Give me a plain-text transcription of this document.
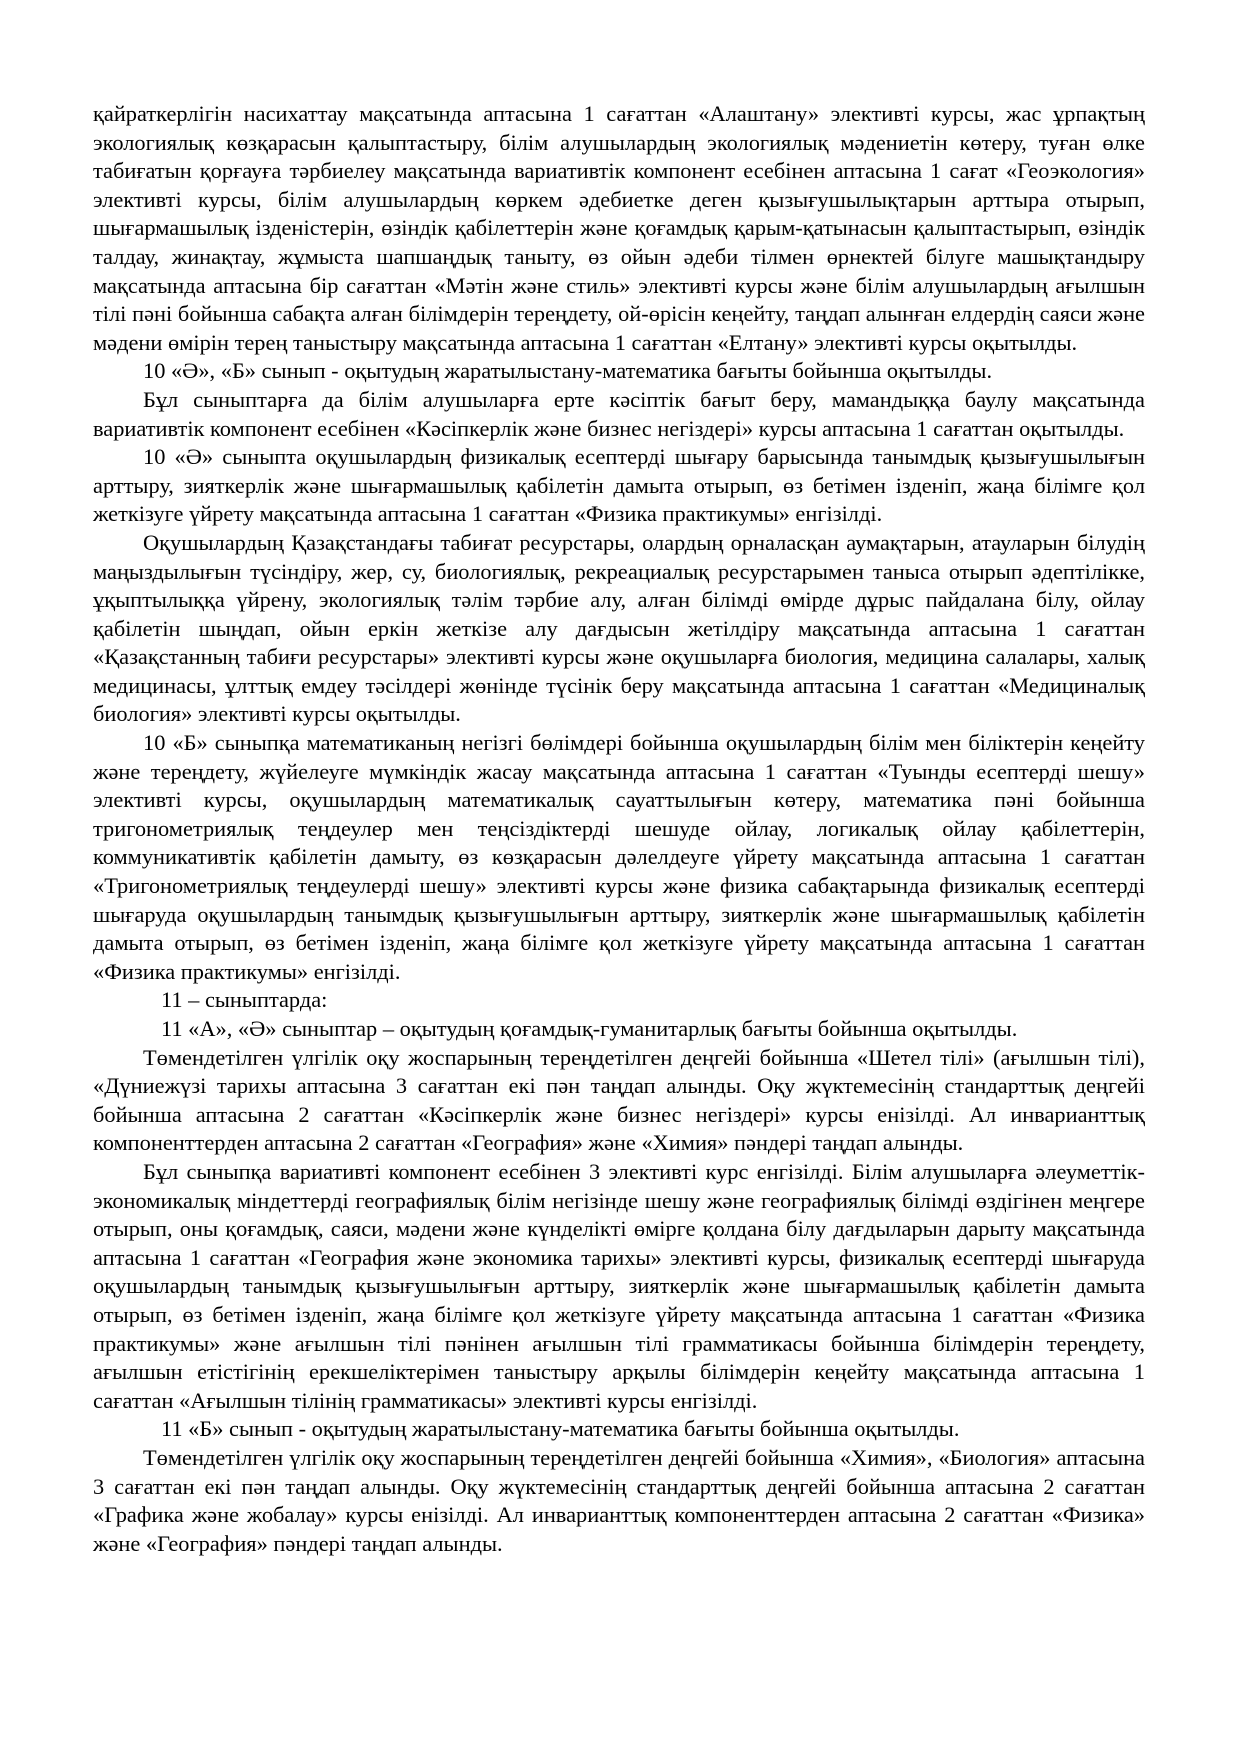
қайраткерлігін насихаттау мақсатында аптасына 1 сағаттан «Алаштану» элективті курсы, жас ұрпақтың экологиялық көзқарасын қалыптастыру, білім алушылардың экологиялық мәдениетін көтеру, туған өлке табиғатын қорғауға тәрбиелеу мақсатында вариативтік компонент есебінен аптасына 1 сағат «Геоэкология» элективті курсы, білім алушылардың көркем әдебиетке деген қызығушылықтарын арттыра отырып, шығармашылық ізденістерін, өзіндік қабілеттерін және қоғамдық қарым-қатынасын қалыптастырып, өзіндік талдау, жинақтау, жұмыста шапшаңдық таныту, өз ойын әдеби тілмен өрнектей білуге машықтандыру мақсатында аптасына бір сағаттан «Мәтін және стиль» элективті курсы және білім алушылардың ағылшын тілі пәні бойынша сабақта алған білімдерін тереңдету, ой-өрісін кеңейту, таңдап алынған елдердің саяси және мәдени өмірін терең таныстыру мақсатында аптасына 1 сағаттан «Елтану» элективті курсы оқытылды.

10 «Ә», «Б» сынып - оқытудың жаратылыстану-математика бағыты бойынша оқытылды.

Бұл сыныптарға да білім алушыларға ерте кәсіптік бағыт беру, мамандыққа баулу мақсатында вариативтік компонент есебінен «Кәсіпкерлік және бизнес негіздері» курсы аптасына 1 сағаттан оқытылды.

10 «Ә» сыныпта оқушылардың физикалық есептерді шығару барысында танымдық қызығушылығын арттыру, зияткерлік және шығармашылық қабілетін дамыта отырып, өз бетімен ізденіп, жаңа білімге қол жеткізуге үйрету мақсатында аптасына 1 сағаттан «Физика практикумы» енгізілді.

Оқушылардың Қазақстандағы табиғат ресурстары, олардың орналасқан аумақтарын, атауларын білудің маңыздылығын түсіндіру, жер, су, биологиялық, рекреациалық ресурстарымен таныса отырып әдептілікке, ұқыптылыққа үйрену, экологиялық тәлім тәрбие алу, алған білімді өмірде дұрыс пайдалана білу, ойлау қабілетін шыңдап, ойын еркін жеткізе алу дағдысын жетілдіру мақсатында аптасына 1 сағаттан «Қазақстанның табиғи ресурстары» элективті курсы және оқушыларға биология, медицина салалары, халық медицинасы, ұлттық емдеу тәсілдері жөнінде түсінік беру мақсатында аптасына 1 сағаттан «Медициналық биология» элективті курсы оқытылды.

10 «Б» сыныпқа математиканың негізгі бөлімдері бойынша оқушылардың білім мен біліктерін кеңейту және тереңдету, жүйелеуге мүмкіндік жасау мақсатында аптасына 1 сағаттан «Туынды есептерді шешу» элективті курсы, оқушылардың математикалық сауаттылығын көтеру, математика пәні бойынша тригонометриялық теңдеулер мен теңсіздіктерді шешуде ойлау, логикалық ойлау қабілеттерін, коммуникативтік қабілетін дамыту, өз көзқарасын дәлелдеуге үйрету мақсатында аптасына 1 сағаттан «Тригонометриялық теңдеулерді шешу» элективті курсы және физика сабақтарында физикалық есептерді шығаруда оқушылардың танымдық қызығушылығын арттыру, зияткерлік және шығармашылық қабілетін дамыта отырып, өз бетімен ізденіп, жаңа білімге қол жеткізуге үйрету мақсатында аптасына 1 сағаттан «Физика практикумы» енгізілді.

11 – сыныптарда:

11 «А», «Ә» сыныптар – оқытудың қоғамдық-гуманитарлық бағыты бойынша оқытылды.

Төмендетілген үлгілік оқу жоспарының тереңдетілген деңгейі бойынша «Шетел тілі» (ағылшын тілі), «Дүниежүзі тарихы аптасына 3 сағаттан екі пән таңдап алынды. Оқу жүктемесінің стандарттық деңгейі бойынша аптасына 2 сағаттан «Кәсіпкерлік және бизнес негіздері» курсы енізілді. Ал инварианттық компоненттерден аптасына 2 сағаттан «География» және «Химия» пәндері таңдап алынды.

Бұл сыныпқа вариативті компонент есебінен 3 элективті курс енгізілді. Білім алушыларға әлеуметтік- экономикалық міндеттерді географиялық білім негізінде шешу және географиялық білімді өздігінен меңгере отырып, оны қоғамдық, саяси, мәдени және күнделікті өмірге қолдана білу дағдыларын дарыту мақсатында аптасына 1 сағаттан «География және экономика тарихы» элективті курсы, физикалық есептерді шығаруда оқушылардың танымдық қызығушылығын арттыру, зияткерлік және шығармашылық қабілетін дамыта отырып, өз бетімен ізденіп, жаңа білімге қол жеткізуге үйрету мақсатында аптасына 1 сағаттан «Физика практикумы» және ағылшын тілі пәнінен ағылшын тілі грамматикасы бойынша білімдерін тереңдету, ағылшын етістігінің ерекшеліктерімен таныстыру арқылы білімдерін кеңейту мақсатында аптасына 1 сағаттан «Ағылшын тілінің грамматикасы» элективті курсы енгізілді.

11 «Б» сынып - оқытудың жаратылыстану-математика бағыты бойынша оқытылды.

Төмендетілген үлгілік оқу жоспарының тереңдетілген деңгейі бойынша «Химия», «Биология» аптасына 3 сағаттан екі пән таңдап алынды. Оқу жүктемесінің стандарттық деңгейі бойынша аптасына 2 сағаттан «Графика және жобалау» курсы енізілді. Ал инварианттық компоненттерден аптасына 2 сағаттан «Физика» және «География» пәндері таңдап алынды.
